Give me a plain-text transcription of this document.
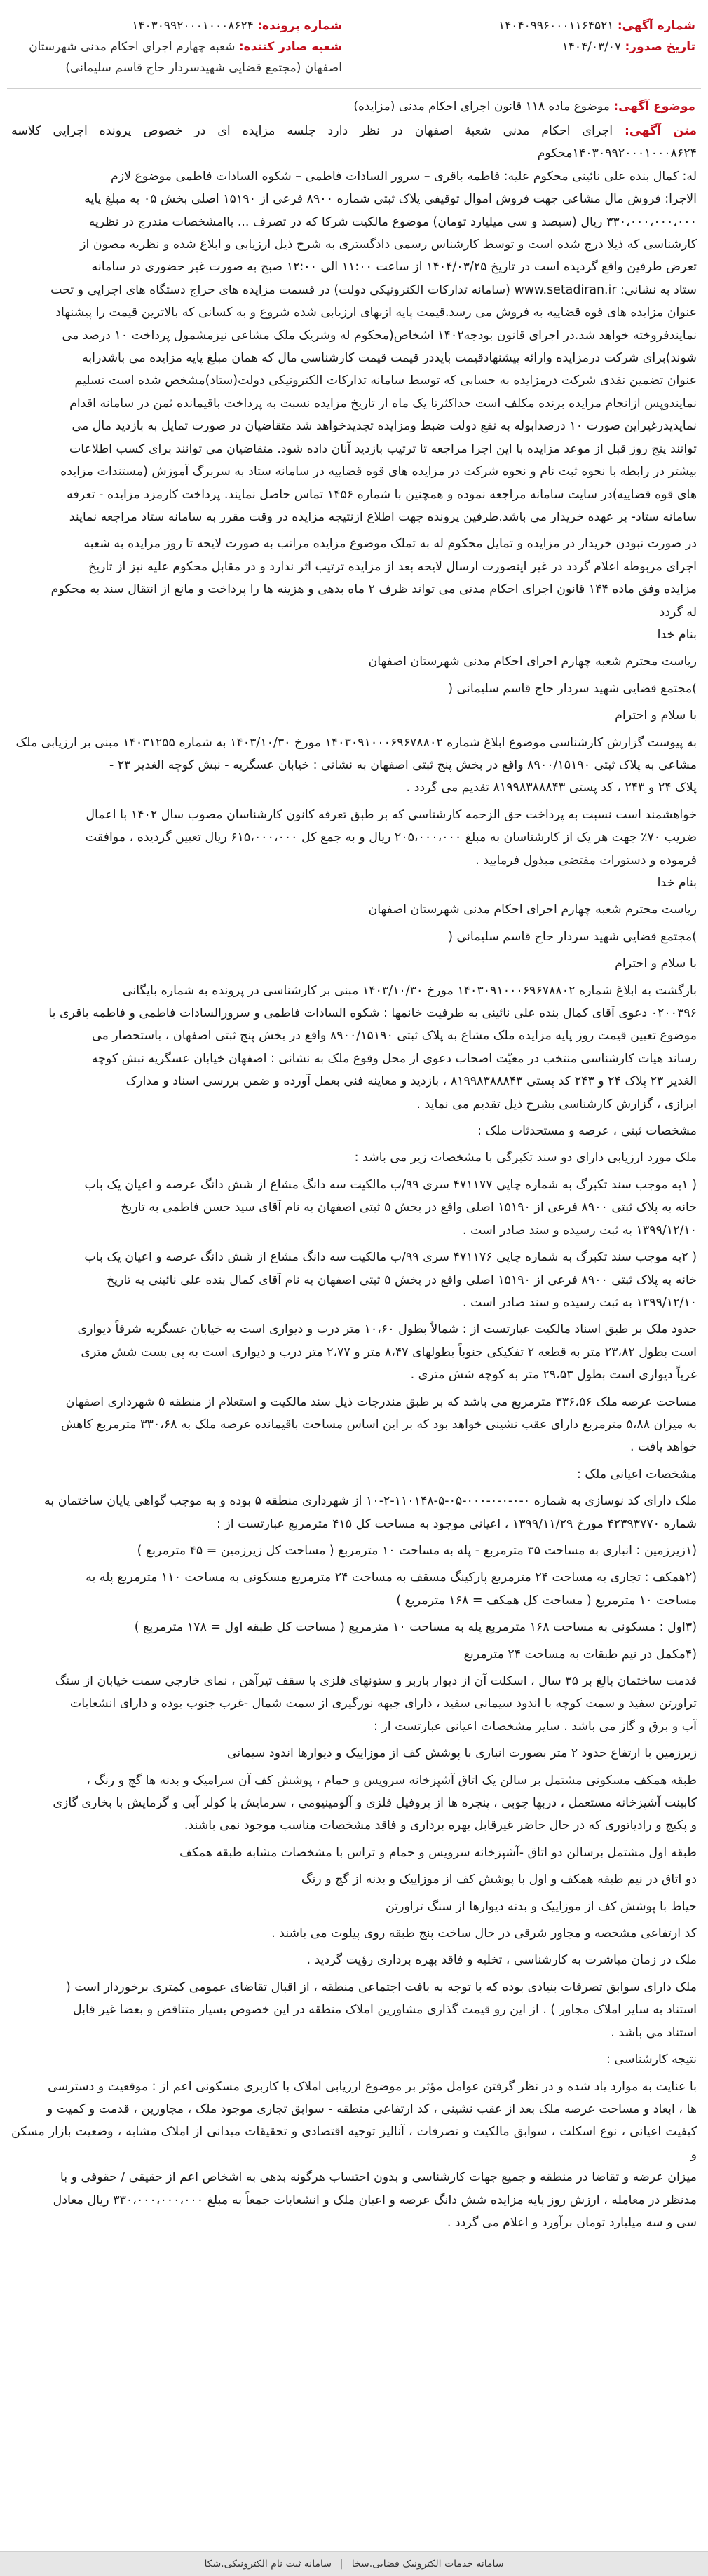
شماره آگهی: ۱۴۰۴۰۹۹۶۰۰۰۱۱۶۴۵۲۱
تاریخ صدور: ۱۴۰۴/۰۳/۰۷
شماره پرونده: ۱۴۰۳۰۹۹۲۰۰۰۱۰۰۰۸۶۲۴
شعبه صادر کننده: شعبه چهارم اجرای احکام مدنی شهرستان اصفهان (مجتمع قضایی شهیدسردار حاج قاسم سلیمانی)
موضوع آگهی: موضوع ماده ۱۱۸ قانون اجرای احکام مدنی (مزایده)

متن آگهی: اجرای احکام مدنی شعبهٔ اصفهان در نظر دارد جلسه مزایده ای در خصوص پرونده اجرایی کلاسه ۱۴۰۳۰۹۹۲۰۰۰۱۰۰۰۸۶۲۴محکوم

له: کمال بنده علی نائینی محکوم علیه: فاطمه باقری – سرور السادات فاطمی – شکوه السادات فاطمی موضوع لازم

الاجرا: فروش مال مشاعی جهت فروش اموال توقیفی پلاک ثبتی شماره ۸۹۰۰ فرعی از ۱۵۱۹۰ اصلی بخش ۰۵ به مبلغ پایه

۳۳۰،۰۰۰،۰۰۰،۰۰۰ ریال (سیصد و سی میلیارد تومان) موضوع مالکیت شرکا که در تصرف ... باامشخصات مندرج در نظریه

کارشناسی که ذیلا درج شده است و توسط کارشناس رسمی دادگستری به شرح ذیل ارزیابی و ابلاغ شده و نظریه مصون از

تعرض طرفین واقع گردیده است در تاریخ ۱۴۰۴/۰۳/۲۵ از ساعت ۱۱:۰۰ الی ۱۲:۰۰ صبح به صورت غیر حضوری در سامانه

ستاد به نشانی: www.setadiran.ir (سامانه تدارکات الکترونیکی دولت) در قسمت مزایده های حراج دستگاه های اجرایی و تحت

عنوان مزایده های قوه قضاییه به فروش می رسد.قیمت پایه ازبهای ارزیابی شده شروع و به کسانی که بالاترین قیمت را پیشنهاد

نمایندفروخته خواهد شد.در اجرای قانون بودجه۱۴۰۲ اشخاص(محکوم له وشریک ملک مشاعی نیزمشمول پرداخت ۱۰ درصد می

شوند)برای شرکت درمزایده وارائه پیشنهادقیمت بایددر قیمت قیمت کارشناسی مال که همان مبلغ پایه مزایده می باشدرابه

عنوان تضمین نقدی شرکت درمزایده به حسابی که توسط سامانه تدارکات الکترونیکی دولت(ستاد)مشخص شده است تسلیم

نمایندوپس ازانجام مزایده برنده مکلف است حداکثرتا یک ماه از تاریخ مزایده نسبت به پرداخت باقیمانده ثمن در سامانه اقدام

نمایدیدرغیراین صورت ۱۰ درصدابوله به نفع دولت ضبط ومزایده تجدیدخواهد شد متقاضیان در صورت تمایل به بازدید مال می

توانند پنج روز قبل از موعد مزایده با این اجرا مراجعه تا ترتیب بازدید آنان داده شود. متقاضیان می توانند برای کسب اطلاعات

بیشتر در رابطه با نحوه ثبت نام و نحوه شرکت در مزایده های قوه قضاییه در سامانه ستاد به سربرگ آموزش (مستندات مزایده

های قوه قضاییه)در سایت سامانه مراجعه نموده و همچنین با شماره ۱۴۵۶ تماس حاصل نمایند. پرداخت کارمزد مزایده - تعرفه

سامانه ستاد- بر عهده خریدار می باشد.طرفین پرونده جهت اطلاع ازنتیجه مزایده در وقت مقرر به سامانه ستاد مراجعه نمایند

در صورت نبودن خریدار در مزایده و تمایل محکوم له به تملک موضوع مزایده مراتب به صورت لایحه تا روز مزایده به شعبه

اجرای مربوطه اعلام گردد در غیر اینصورت ارسال لایحه بعد از مزایده ترتیب اثر ندارد و در مقابل محکوم علیه نیز از تاریخ

مزایده وفق ماده ۱۴۴ قانون اجرای احکام مدنی می تواند ظرف ۲ ماه بدهی و هزینه ها را پرداخت و مانع از انتقال سند به محکوم

له گردد

بنام خدا

ریاست محترم شعبه چهارم اجرای احکام مدنی شهرستان اصفهان

)مجتمع قضایی شهید سردار حاج قاسم سلیمانی (

با سلام و احترام

به پیوست گزارش کارشناسی موضوع ابلاغ شماره ۱۴۰۳۰۹۱۰۰۰۶۹۶۷۸۸۰۲ مورخ ۱۴۰۳/۱۰/۳۰ به شماره ۱۴۰۳۱۲۵۵ مبنی بر ارزیابی ملک

مشاعی به پلاک ثبتی ۸۹۰۰/۱۵۱۹۰ واقع در بخش پنج ثبتی اصفهان به نشانی : خیابان عسگریه - نبش کوچه الغدیر ۲۳ -

پلاک ۲۴ و ۲۴۳ ، کد پستی ۸۱۹۹۸۳۸۸۸۴۳ تقدیم می گردد .

خواهشمند است نسبت به پرداخت حق الزحمه کارشناسی که بر طبق تعرفه کانون کارشناسان مصوب سال ۱۴۰۲ با اعمال

ضریب ۷۰٪ جهت هر یک از کارشناسان به مبلغ ۲۰۵،۰۰۰،۰۰۰ ریال و به جمع کل ۶۱۵،۰۰۰،۰۰۰ ریال تعیین گردیده ، موافقت

فرموده و دستورات مقتضی مبذول فرمایید .

بنام خدا

ریاست محترم شعبه چهارم اجرای احکام مدنی شهرستان اصفهان

)مجتمع قضایی شهید سردار حاج قاسم سلیمانی (

با سلام و احترام

بازگشت به ابلاغ شماره ۱۴۰۳۰۹۱۰۰۰۶۹۶۷۸۸۰۲ مورخ ۱۴۰۳/۱۰/۳۰ مبنی بر کارشناسی در پرونده به شماره بایگانی

۰۲۰۰۳۹۶ دعوی آقای کمال بنده علی نائینی به طرفیت خانمها : شکوه السادات فاطمی و سرورالسادات فاطمی و فاطمه باقری با

موضوع تعیین قیمت روز پایه مزایده ملک مشاع به پلاک ثبتی ۸۹۰۰/۱۵۱۹۰ واقع در بخش پنج ثبتی اصفهان ، باستحضار می

رساند هیات کارشناسی منتخب در معیّت اصحاب دعوی از محل وقوع ملک به نشانی : اصفهان خیابان عسگریه نبش کوچه

الغدیر ۲۳ پلاک ۲۴ و ۲۴۳ کد پستی ۸۱۹۹۸۳۸۸۸۴۳ ، بازدید و معاینه فنی بعمل آورده و ضمن بررسی اسناد و مدارک

ابرازی ، گزارش کارشناسی بشرح ذیل تقدیم می نماید .

مشخصات ثبتی ، عرصه و مستحدثات ملک :

ملک مورد ارزیابی دارای دو سند تکبرگی با مشخصات زیر می باشد :

( ۱به موجب سند تکبرگ به شماره چاپی ۴۷۱۱۷۷ سری ۹۹/ب مالکیت سه دانگ مشاع از شش دانگ عرصه و اعیان یک باب

خانه به پلاک ثبتی ۸۹۰۰ فرعی از ۱۵۱۹۰ اصلی واقع در بخش ۵ ثبتی اصفهان به نام آقای سید حسن فاطمی به تاریخ

۱۳۹۹/۱۲/۱۰ به ثبت رسیده و سند صادر است .

( ۲به موجب سند تکبرگ به شماره چاپی ۴۷۱۱۷۶ سری ۹۹/ب مالکیت سه دانگ مشاع از شش دانگ عرصه و اعیان یک باب

خانه به پلاک ثبتی ۸۹۰۰ فرعی از ۱۵۱۹۰ اصلی واقع در بخش ۵ ثبتی اصفهان به نام آقای کمال بنده علی نائینی به تاریخ

۱۳۹۹/۱۲/۱۰ به ثبت رسیده و سند صادر است .

حدود ملک بر طبق اسناد مالکیت عبارتست از : شمالاً بطول ۱۰،۶۰ متر درب و دیواری است به خیابان عسگریه شرقاً دیواری

است بطول ۲۳،۸۲ متر به قطعه ۲ تفکیکی جنوباً بطولهای ۸،۴۷ متر و ۲،۷۷ متر درب و دیواری است به پی بست شش متری

غرباً دیواری است بطول ۲۹،۵۳ متر به کوچه شش متری .

مساحت عرصه ملک ۳۳۶،۵۶ مترمربع می باشد که بر طبق مندرجات ذیل سند مالکیت و استعلام از منطقه ۵ شهرداری اصفهان

به میزان ۵،۸۸ مترمربع دارای عقب نشینی خواهد بود که بر این اساس مساحت باقیمانده عرصه ملک به ۳۳۰،۶۸ مترمربع کاهش

خواهد یافت .

مشخصات اعیانی ملک :

ملک دارای کد نوسازی به شماره ۰-۰-۰-۰-۰۰۰-۰۵-۵-۱۱۰۱۴۸-۲-۱۰ از شهرداری منطقه ۵ بوده و به موجب گواهی پایان ساختمان به

شماره ۴۲۳۹۳۷۷۰ مورخ ۱۳۹۹/۱۱/۲۹ ، اعیانی موجود به مساحت کل ۴۱۵ مترمربع عبارتست از :

(۱زیرزمین : انباری به مساحت ۳۵ مترمربع - پله به مساحت ۱۰ مترمربع ( مساحت کل زیرزمین = ۴۵ مترمربع )

(۲همکف : تجاری به مساحت ۲۴ مترمربع پارکینگ مسقف به مساحت ۲۴ مترمربع مسکونی به مساحت ۱۱۰ مترمربع پله به

مساحت ۱۰ مترمربع ( مساحت کل همکف = ۱۶۸ مترمربع )

(۳اول : مسکونی به مساحت ۱۶۸ مترمربع پله به مساحت ۱۰ مترمربع ( مساحت کل طبقه اول = ۱۷۸ مترمربع )

(۴مکمل در نیم طبقات به مساحت ۲۴ مترمربع

قدمت ساختمان بالغ بر ۳۵ سال ، اسکلت آن از دیوار باربر و ستونهای فلزی با سقف تیرآهن ، نمای خارجی سمت خیابان از سنگ

تراورتن سفید و سمت کوچه با اندود سیمانی سفید ، دارای جبهه نورگیری از سمت شمال -غرب جنوب بوده و دارای انشعابات

آب و برق و گاز می باشد . سایر مشخصات اعیانی عبارتست از :

زیرزمین با ارتفاع حدود ۲ متر بصورت انباری با پوشش کف از موزاییک و دیوارها اندود سیمانی

طبقه همکف مسکونی مشتمل بر سالن یک اتاق آشپزخانه سرویس و حمام ، پوشش کف آن سرامیک و بدنه ها گچ و رنگ ،

کابینت آشپزخانه مستعمل ، دربها چوبی ، پنجره ها از پروفیل فلزی و آلومینیومی ، سرمایش با کولر آبی و گرمایش با بخاری گازی

و پکیج و رادیاتوری که در حال حاضر غیرقابل بهره برداری و فاقد مشخصات مناسب موجود نمی باشند.

طبقه اول مشتمل برسالن دو اتاق -آشپزخانه سرویس و حمام و تراس با مشخصات مشابه طبقه همکف

دو اتاق در نیم طبقه همکف و اول با پوشش کف از موزاییک و بدنه از گچ و رنگ

حیاط با پوشش کف از موزاییک و بدنه دیوارها از سنگ تراورتن

کد ارتفاعی مشخصه و مجاور شرقی در حال ساخت پنج طبقه روی پیلوت می باشند .

ملک در زمان مباشرت به کارشناسی ، تخلیه و فاقد بهره برداری رؤیت گردید .

ملک دارای سوابق تصرفات بنیادی بوده که با توجه به بافت اجتماعی منطقه ، از اقبال تقاضای عمومی کمتری برخوردار است (

استناد به سایر املاک مجاور ) . از این رو قیمت گذاری مشاورین املاک منطقه در این خصوص بسیار متناقض و بعضا غیر قابل

استناد می باشد .

نتیجه کارشناسی :

با عنایت به موارد یاد شده و در نظر گرفتن عوامل مؤثر بر موضوع ارزیابی املاک با کاربری مسکونی اعم از : موقعیت و دسترسی

ها ، ابعاد و مساحت عرصه ملک بعد از عقب نشینی ، کد ارتفاعی منطقه - سوابق تجاری موجود ملک ، مجاورین ، قدمت و کمیت و

کیفیت اعیانی ، نوع اسکلت ، سوابق مالکیت و تصرفات ، آنالیز توجیه اقتصادی و تحقیقات میدانی از املاک مشابه ، وضعیت بازار مسکن و

میزان عرضه و تقاضا در منطقه و جمیع جهات کارشناسی و بدون احتساب هرگونه بدهی به اشخاص اعم از حقیقی / حقوقی و با

مدنظر در معامله ، ارزش روز پایه مزایده شش دانگ عرصه و اعیان ملک و انشعابات جمعاً به مبلغ ۳۳۰،۰۰۰،۰۰۰،۰۰۰ ریال معادل

سی و سه میلیارد تومان برآورد و اعلام می گردد .

سامانه خدمات الکترونیک قضایی.سخا
|
سامانه ثبت نام الکترونیکی.شکا
